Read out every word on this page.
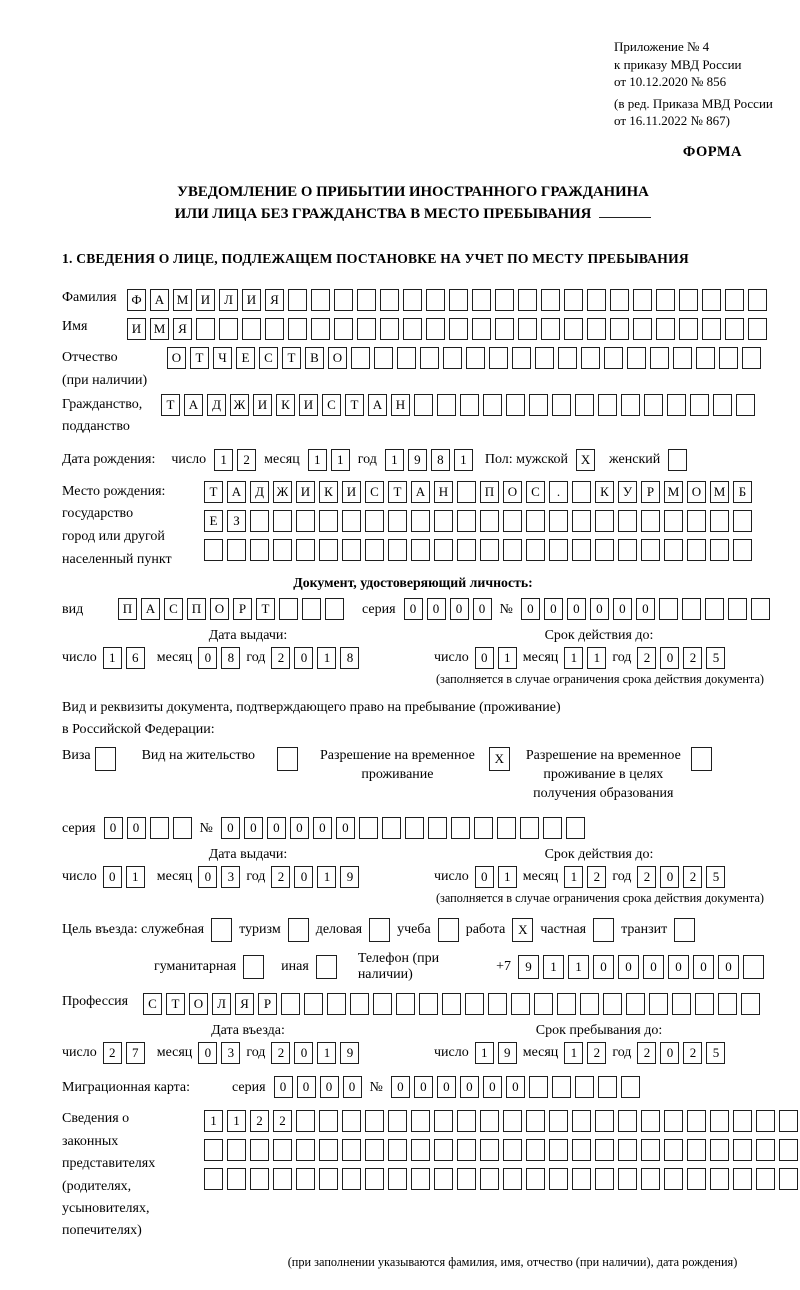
Приложение № 4
к приказу МВД России
от 10.12.2020 № 856
(в ред. Приказа МВД России
от 16.11.2022 № 867)
ФОРМА
УВЕДОМЛЕНИЕ О ПРИБЫТИИ ИНОСТРАННОГО ГРАЖДАНИНА
ИЛИ ЛИЦА БЕЗ ГРАЖДАНСТВА В МЕСТО ПРЕБЫВАНИЯ
1. СВЕДЕНИЯ О ЛИЦЕ, ПОДЛЕЖАЩЕМ ПОСТАНОВКЕ НА УЧЕТ ПО МЕСТУ ПРЕБЫВАНИЯ
Фамилия	Ф	А М И	Л	И	Я
Имя	И М Я
Отчество
(при наличии)
О	Т	Ч	Е	С	Т	В	О
Гражданство,
подданство
Т	А	Д Ж И	К	И	С	Т	А	Н
Дата рождения: число	1	2	месяц	1	1	год	1	9	8	1	Пол: мужской X	женский
Место рождения:
государство
город или другой
населенный пункт
Т	А	Д Ж И	К	И	С	Т	А	Н	П	О	С	.	К	У	Р	М О М	Б
Е	З
Документ, удостоверяющий личность:
вид	П	А	С	П	О	Р	Т	серия	0	0	0	0	№	0	0	0	0	0	0
Дата выдачи:
число 1	6	месяц 0	8 год 2	0	1	8
Срок действия до:
число 0	1 месяц 1	1 год 2	0	2	5
(заполняется в случае ограничения срока действия документа)
Вид и реквизиты документа, подтверждающего право на пребывание (проживание)
в Российской Федерации:
Виза	Вид на жительство	Разрешение на временное
проживание
X	Разрешение на временное
проживание в целях
получения образования
серия	0	0	№	0	0	0	0	0	0
Дата выдачи:
число 0	1	месяц 0	3 год 2	0	1	9
Срок действия до:
число 0	1 месяц 1	2 год 2	0	2	5
(заполняется в случае ограничения срока действия документа)
Цель въезда: служебная	туризм	деловая	учеба	работа X частная	транзит
гуманитарная	иная
Телефон (при наличии)
+7	9	1	1	0	0	0	0	0	0
Профессия	С	Т	О	Л	Я	Р
Дата въезда:
число 2	7	месяц 0	3 год 2	0	1	9
Срок пребывания до:
число 1	9 месяц 1	2 год 2	0	2	5
Миграционная карта:	серия	0	0	0	0	№	0	0	0	0	0	0
Сведения о
законных
представителях
(родителях,
усыновителях,
попечителях)
1	1	2	2
(при заполнении указываются фамилия, имя, отчество (при наличии), дата рождения)
